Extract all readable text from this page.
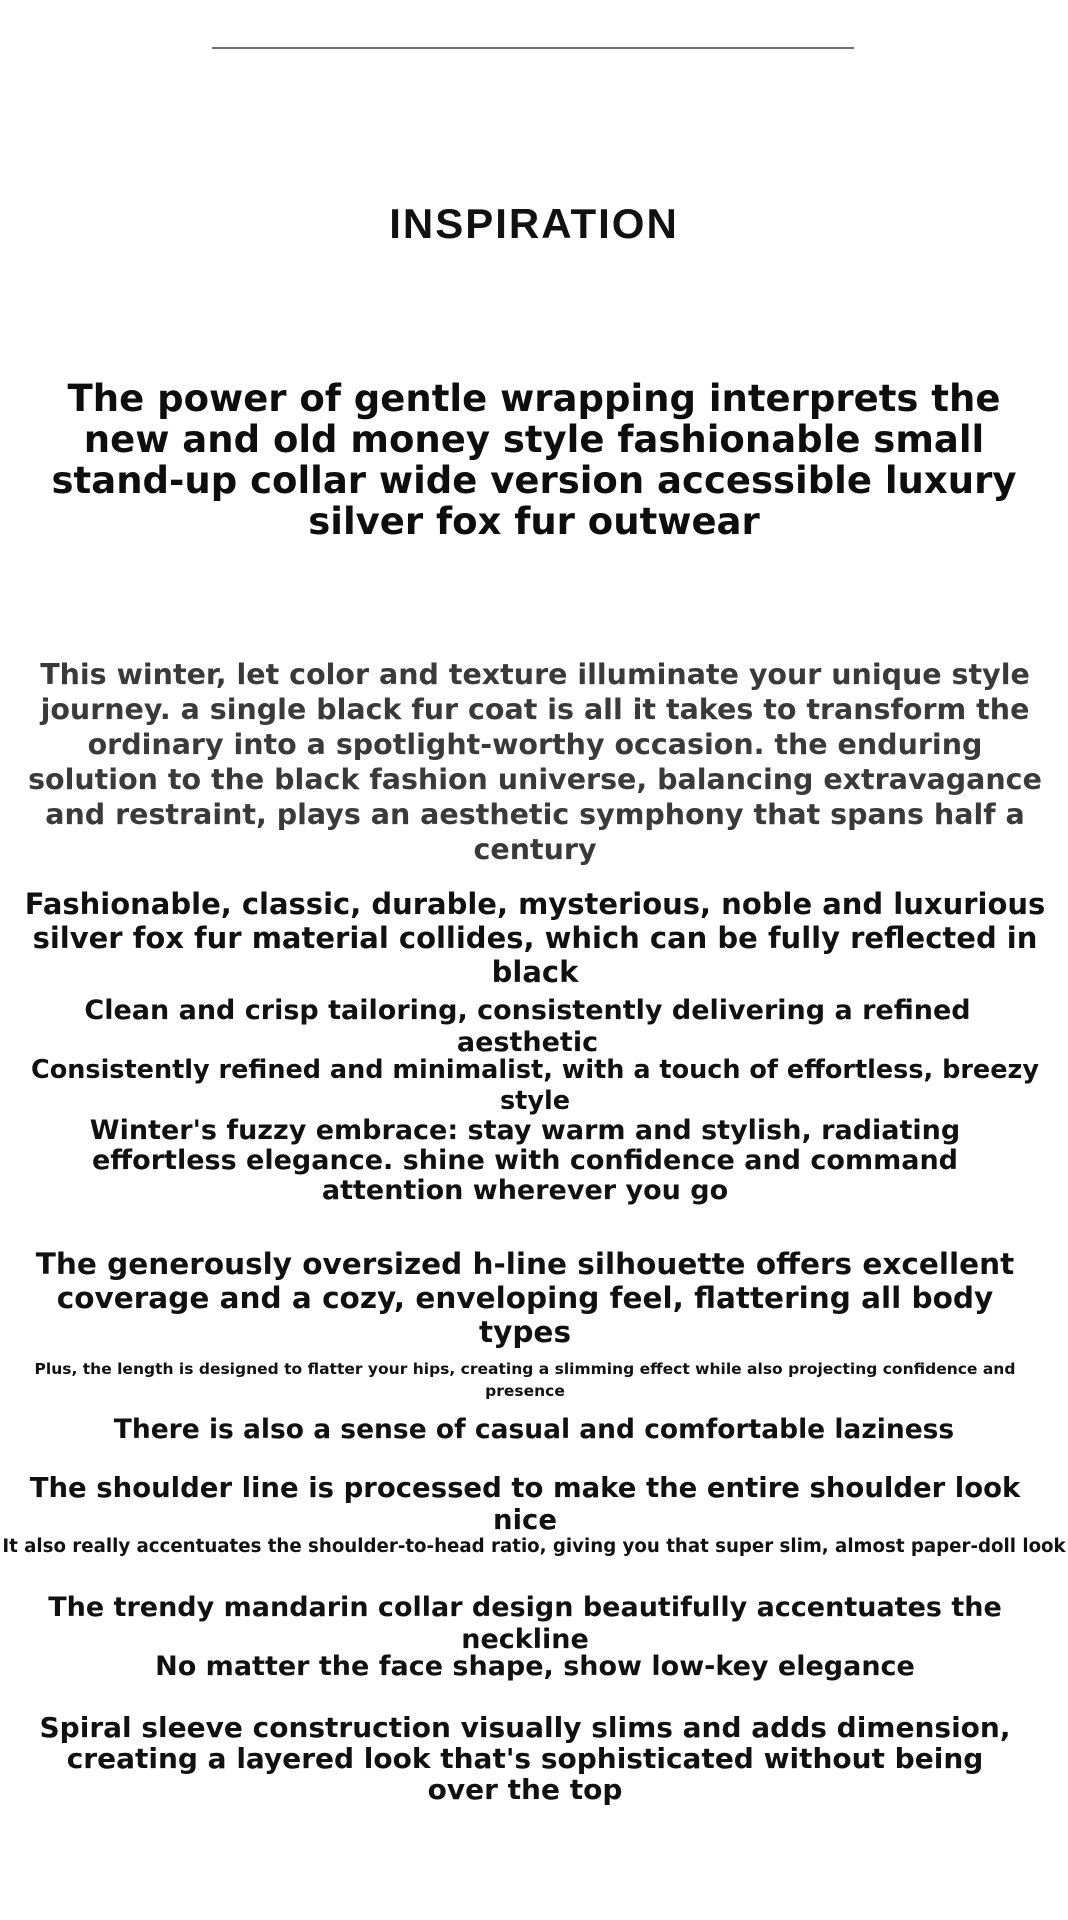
INSPIRATION
The power of gentle wrapping interprets the new and old money style fashionable small stand-up collar wide version accessible luxury silver fox fur outwear

This winter, let color and texture illuminate your unique style journey. a single black fur coat is all it takes to transform the ordinary into a spotlight-worthy occasion. the enduring solution to the black fashion universe, balancing extravagance and restraint, plays an aesthetic symphony that spans half a century

Fashionable, classic, durable, mysterious, noble and luxurious silver fox fur material collides, which can be fully reflected in black

Clean and crisp tailoring, consistently delivering a refined aesthetic

Consistently refined and minimalist, with a touch of effortless, breezy style

Winter's fuzzy embrace: stay warm and stylish, radiating effortless elegance. shine with confidence and command attention wherever you go

The generously oversized h-line silhouette offers excellent coverage and a cozy, enveloping feel, flattering all body types

Plus, the length is designed to flatter your hips, creating a slimming effect while also projecting confidence and presence

There is also a sense of casual and comfortable laziness

The shoulder line is processed to make the entire shoulder look nice

It also really accentuates the shoulder-to-head ratio, giving you that super slim, almost paper-doll look

The trendy mandarin collar design beautifully accentuates the neckline

No matter the face shape, show low-key elegance

Spiral sleeve construction visually slims and adds dimension, creating a layered look that's sophisticated without being over the top
